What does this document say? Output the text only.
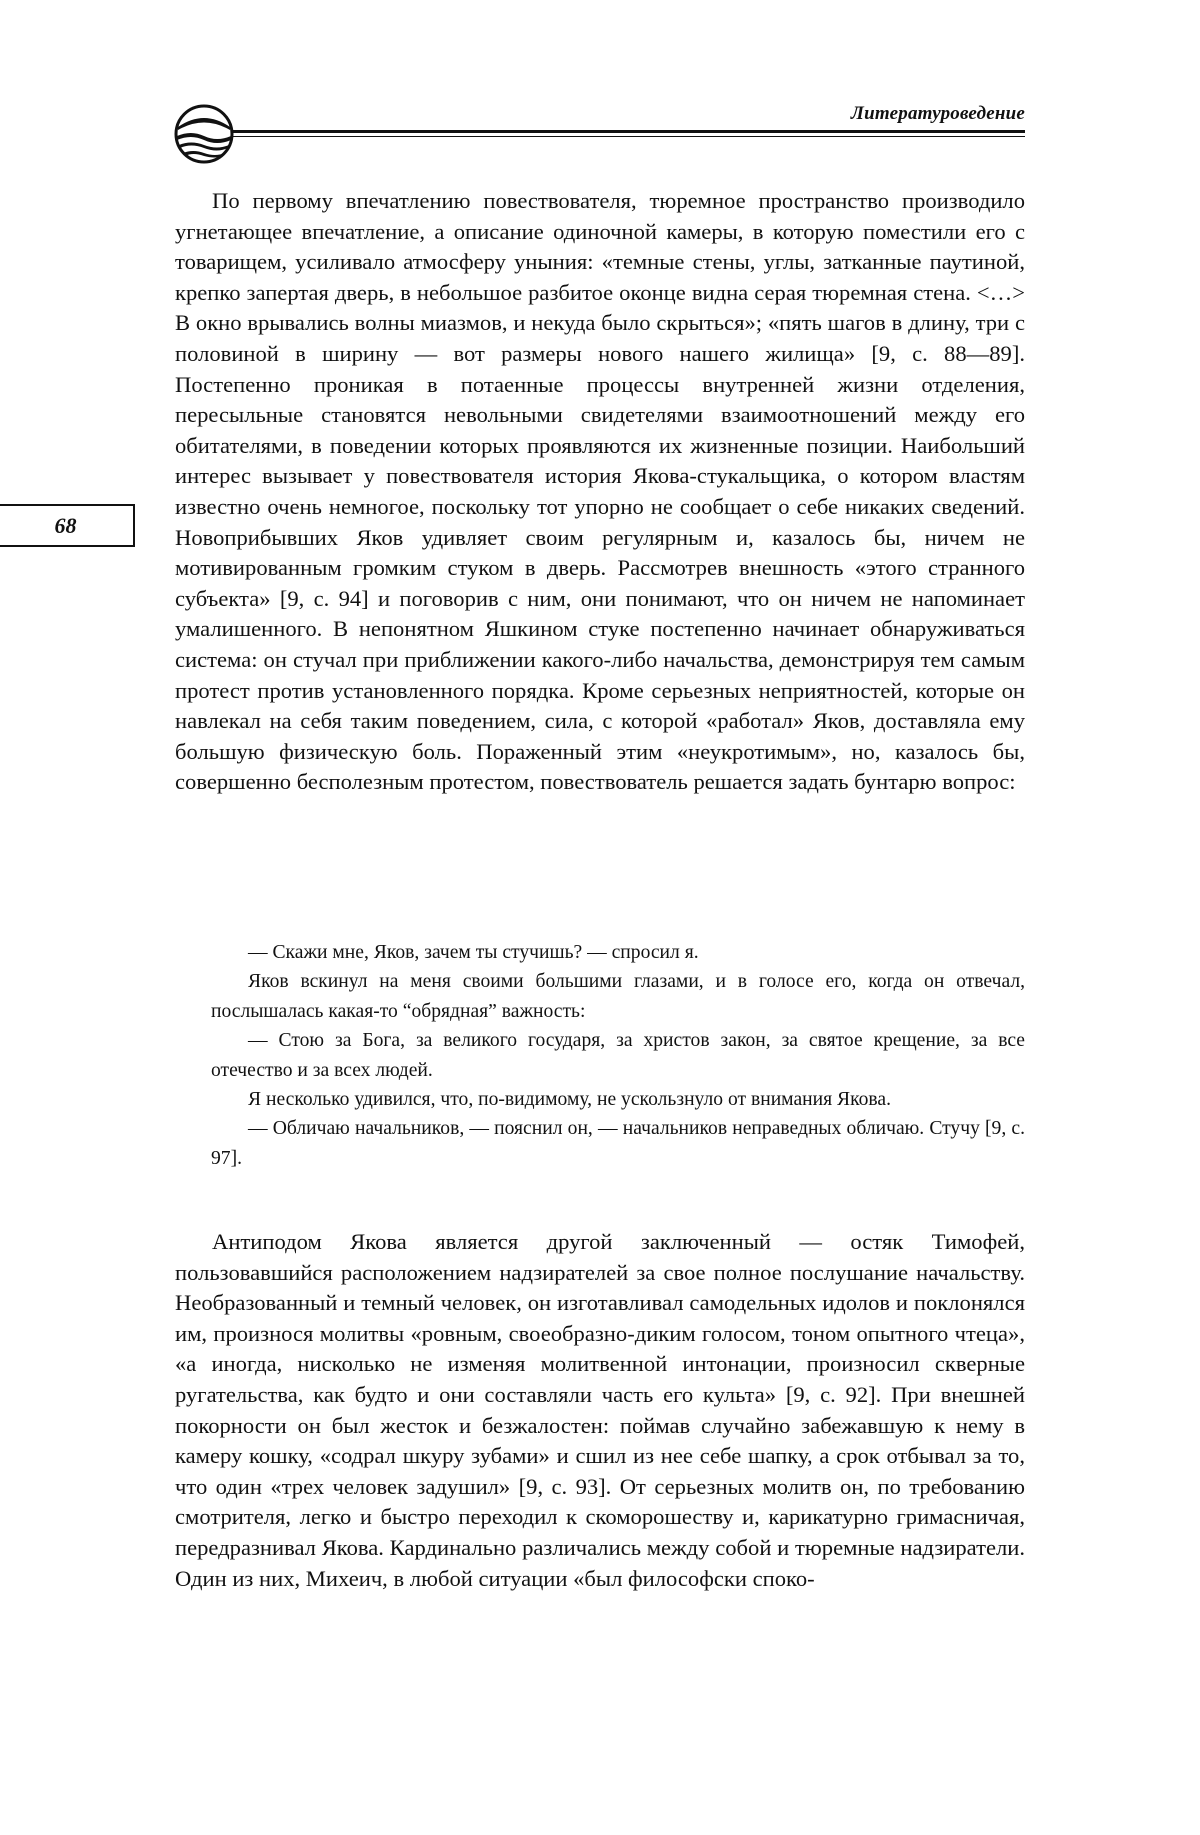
Литературоведение
68

По первому впечатлению повествователя, тюремное пространство производило угнетающее впечатление, а описание одиночной камеры, в которую поместили его с товарищем, усиливало атмосферу уныния: «темные стены, углы, затканные паутиной, крепко запертая дверь, в небольшое разбитое оконце видна серая тюремная стена. <…> В окно врывались волны миазмов, и некуда было скрыться»; «пять шагов в длину, три с половиной в ширину — вот размеры нового нашего жилища» [9, с. 88—89]. Постепенно проникая в потаенные процессы внутренней жизни отделения, пересыльные становятся невольными свидетелями взаимоотношений между его обитателями, в поведении которых проявляются их жизненные позиции. Наибольший интерес вызывает у повествователя история Якова-стукальщика, о котором властям известно очень немногое, поскольку тот упорно не сообщает о себе никаких сведений. Новоприбывших Яков удивляет своим регулярным и, казалось бы, ничем не мотивированным громким стуком в дверь. Рассмотрев внешность «этого странного субъекта» [9, с. 94] и поговорив с ним, они понимают, что он ничем не напоминает умалишенного. В непонятном Яшкином стуке постепенно начинает обнаруживаться система: он стучал при приближении какого-либо начальства, демонстрируя тем самым протест против установленного порядка. Кроме серьезных неприятностей, которые он навлекал на себя таким поведением, сила, с которой «работал» Яков, доставляла ему большую физическую боль. Пораженный этим «неукротимым», но, казалось бы, совершенно бесполезным протестом, повествователь решается задать бунтарю вопрос:

— Скажи мне, Яков, зачем ты стучишь? — спросил я.

Яков вскинул на меня своими большими глазами, и в голосе его, когда он отвечал, послышалась какая-то “обрядная” важность:

— Стою за Бога, за великого государя, за христов закон, за святое крещение, за все отечество и за всех людей.

Я несколько удивился, что, по-видимому, не ускользнуло от внимания Якова.

— Обличаю начальников, — пояснил он, — начальников неправедных обличаю. Стучу [9, с. 97].

Антиподом Якова является другой заключенный — остяк Тимофей, пользовавшийся расположением надзирателей за свое полное послушание начальству. Необразованный и темный человек, он изготавливал самодельных идолов и поклонялся им, произнося молитвы «ровным, своеобразно-диким голосом, тоном опытного чтеца», «а иногда, нисколько не изменяя молитвенной интонации, произносил скверные ругательства, как будто и они составляли часть его культа» [9, с. 92]. При внешней покорности он был жесток и безжалостен: поймав случайно забежавшую к нему в камеру кошку, «содрал шкуру зубами» и сшил из нее себе шапку, а срок отбывал за то, что один «трех человек задушил» [9, с. 93]. От серьезных молитв он, по требованию смотрителя, легко и быстро переходил к скоморошеству и, карикатурно гримасничая, передразнивал Якова. Кардинально различались между собой и тюремные надзиратели. Один из них, Михеич, в любой ситуации «был философски споко-
